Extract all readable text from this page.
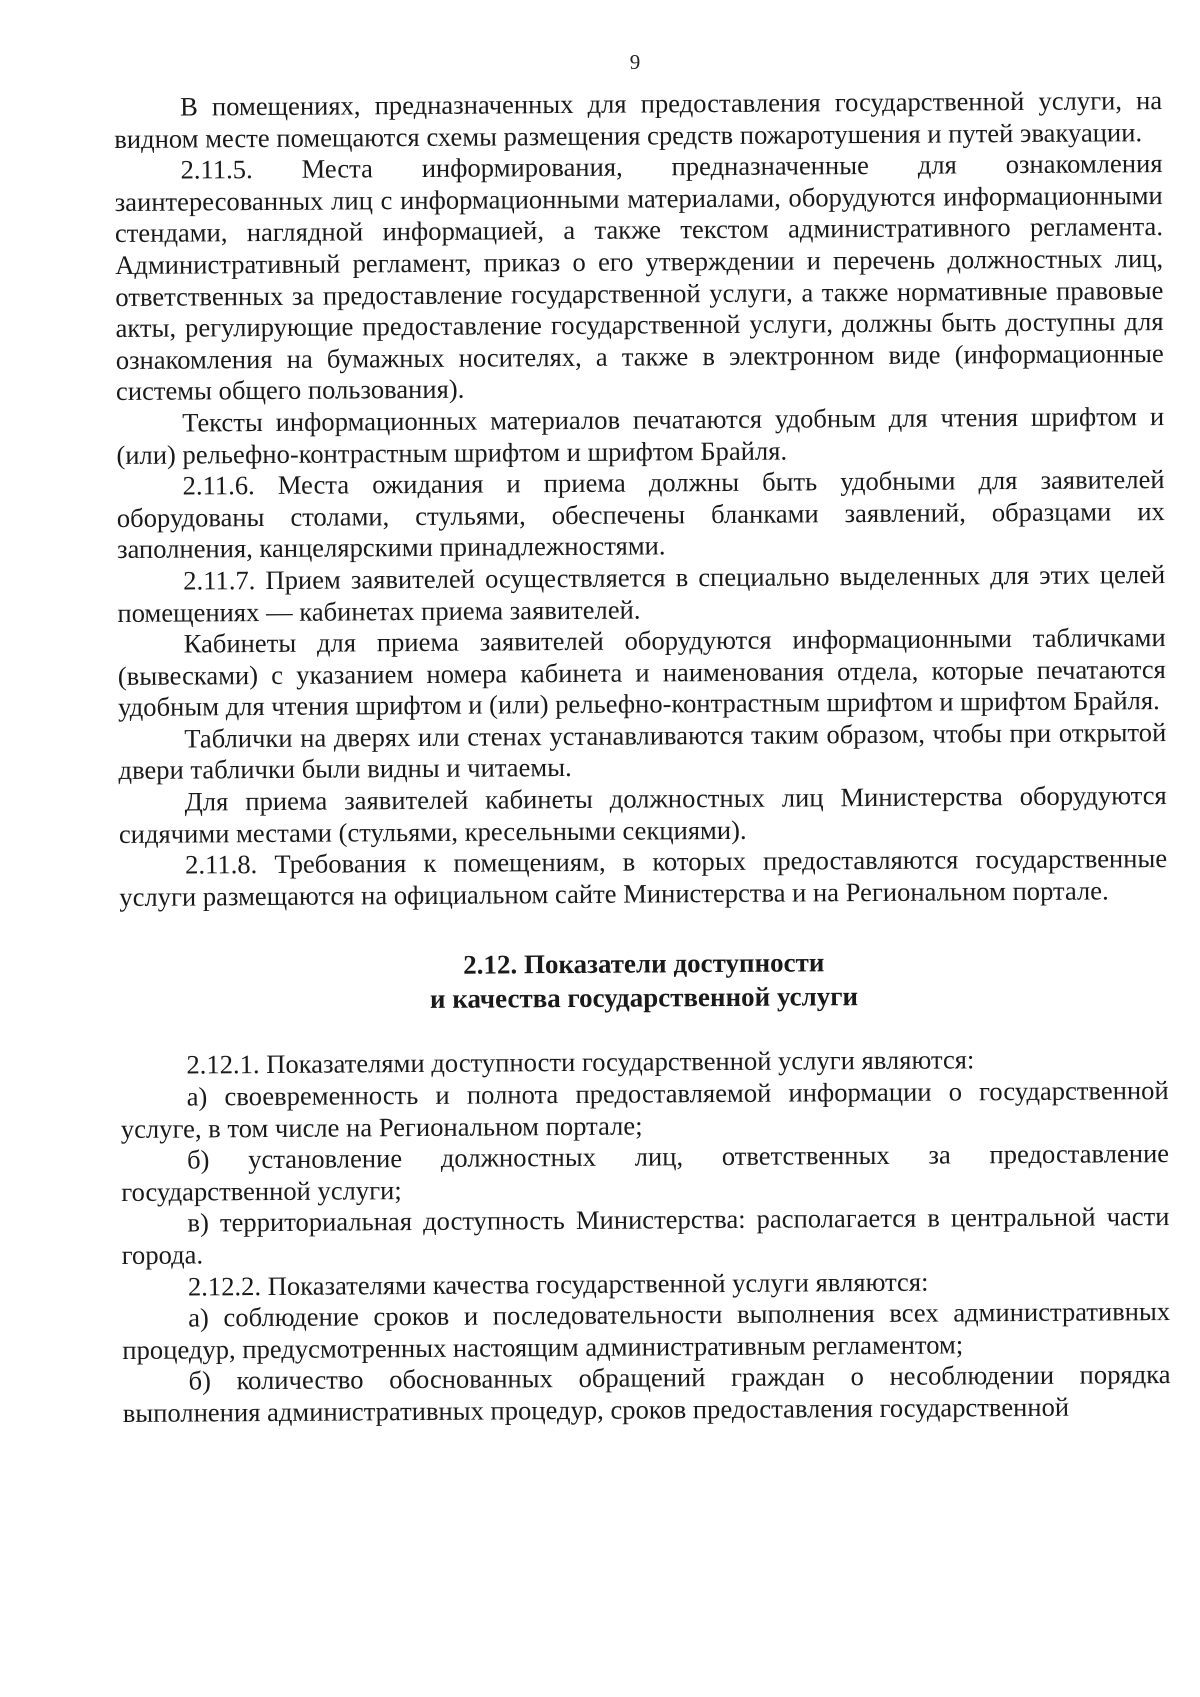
9

В помещениях, предназначенных для предоставления государственной услуги, на видном месте помещаются схемы размещения средств пожаротушения и путей эвакуации.

2.11.5. Места информирования, предназначенные для ознакомления заинтересованных лиц с информационными материалами, оборудуются информационными стендами, наглядной информацией, а также текстом административного регламента. Административный регламент, приказ о его утверждении и перечень должностных лиц, ответственных за предоставление государственной услуги, а также нормативные правовые акты, регулирующие предоставление государственной услуги, должны быть доступны для ознакомления на бумажных носителях, а также в электронном виде (информационные системы общего пользования).

Тексты информационных материалов печатаются удобным для чтения шрифтом и (или) рельефно-контрастным шрифтом и шрифтом Брайля.

2.11.6. Места ожидания и приема должны быть удобными для заявителей оборудованы столами, стульями, обеспечены бланками заявлений, образцами их заполнения, канцелярскими принадлежностями.

2.11.7. Прием заявителей осуществляется в специально выделенных для этих целей помещениях — кабинетах приема заявителей.

Кабинеты для приема заявителей оборудуются информационными табличками (вывесками) с указанием номера кабинета и наименования отдела, которые печатаются удобным для чтения шрифтом и (или) рельефно-контрастным шрифтом и шрифтом Брайля.

Таблички на дверях или стенах устанавливаются таким образом, чтобы при открытой двери таблички были видны и читаемы.

Для приема заявителей кабинеты должностных лиц Министерства оборудуются сидячими местами (стульями, кресельными секциями).

2.11.8. Требования к помещениям, в которых предоставляются государственные услуги размещаются на официальном сайте Министерства и на Региональном портале.

2.12. Показатели доступности
и качества государственной услуги

2.12.1. Показателями доступности государственной услуги являются:

а) своевременность и полнота предоставляемой информации о государственной услуге, в том числе на Региональном портале;

б) установление должностных лиц, ответственных за предоставление государственной услуги;

в) территориальная доступность Министерства: располагается в центральной части города.

2.12.2. Показателями качества государственной услуги являются:

а) соблюдение сроков и последовательности выполнения всех административных процедур, предусмотренных настоящим административным регламентом;

б) количество обоснованных обращений граждан о несоблюдении порядка выполнения административных процедур, сроков предоставления государственной
